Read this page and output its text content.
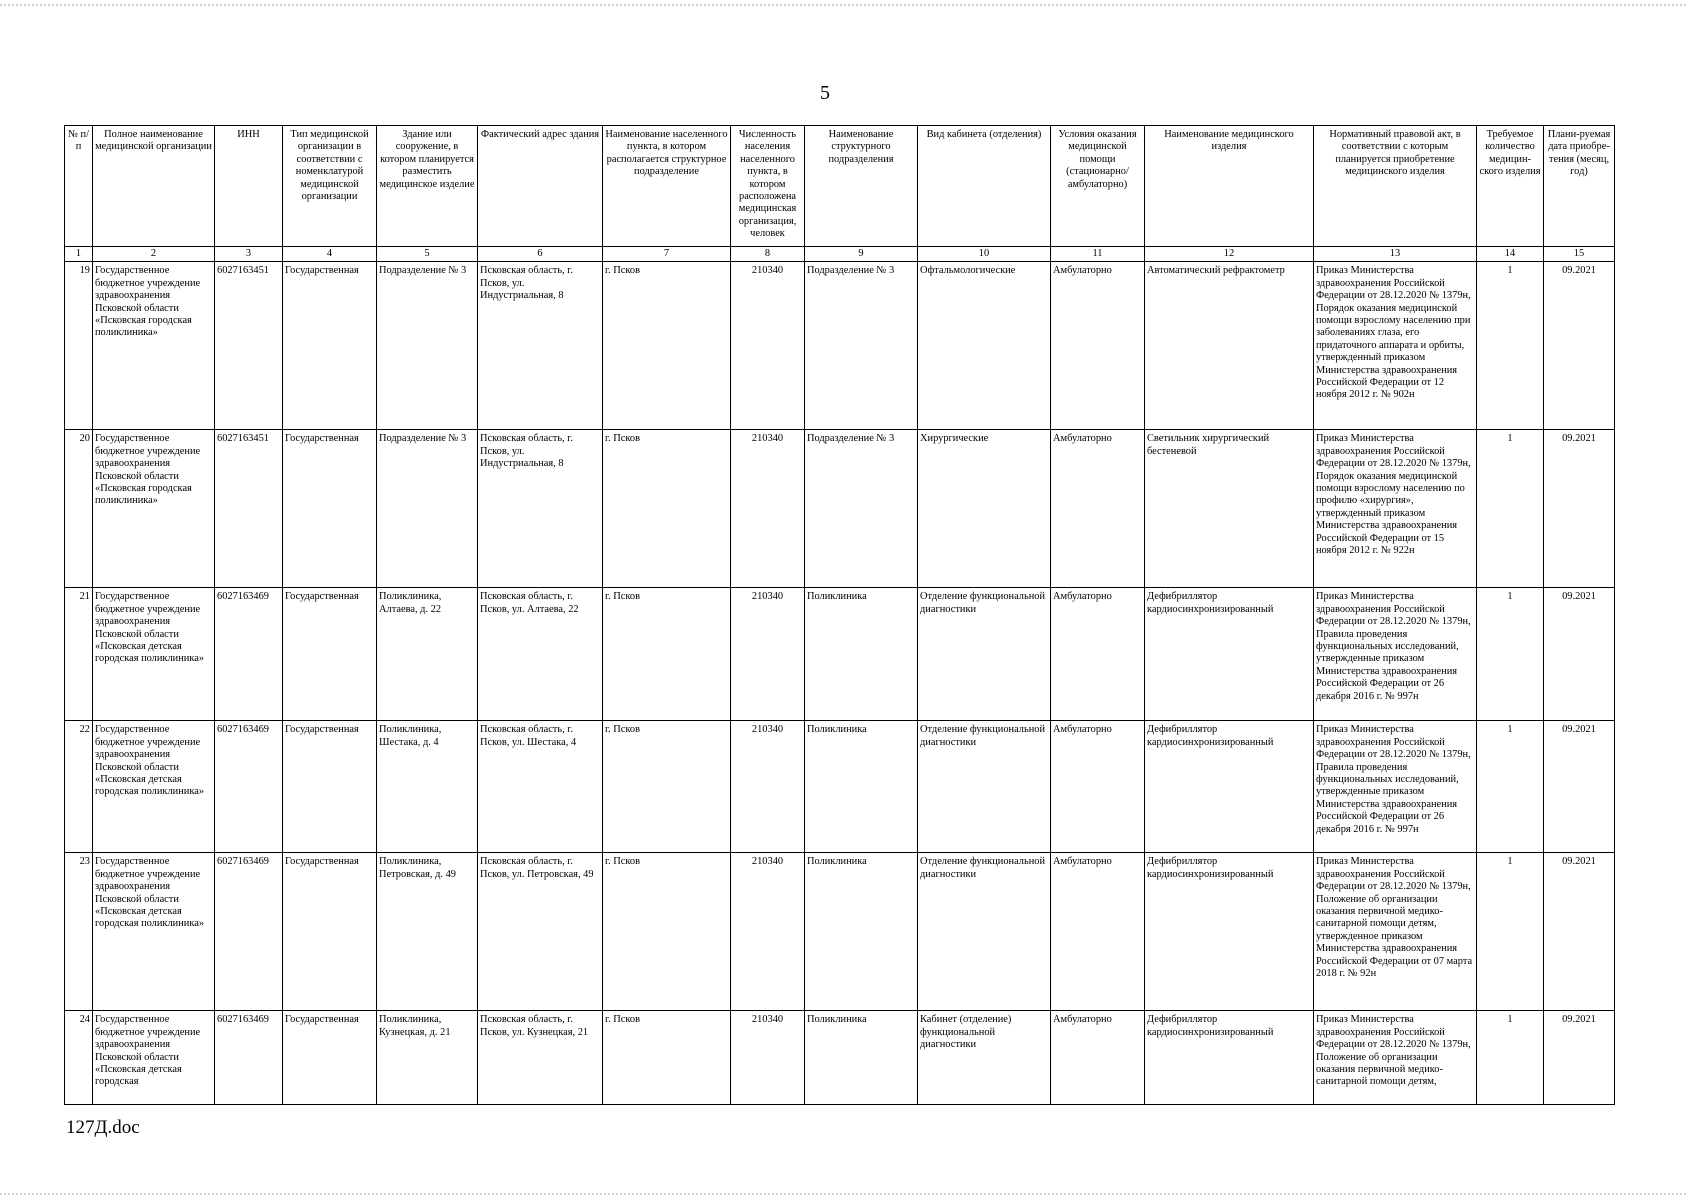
5
№ п/п	Полное наименование медицинской организации	ИНН	Тип медицинской организации в соответствии с номенклатурой медицинской организации	Здание или сооружение, в котором планируется разместить медицинское изделие	Фактический адрес здания	Наименование населенного пункта, в котором располагается структурное подразделение	Численность населения населенного пункта, в котором расположена медицинская организация, человек	Наименование структурного подразделения	Вид кабинета (отделения)	Условия оказания медицинской помощи (стационарно/ амбулаторно)	Наименование медицинского изделия	Нормативный правовой акт, в соответствии с которым планируется приобретение медицинского изделия	Требуемое количество медицин-ского изделия	Плани-руемая дата приобре-тения (месяц, год)
1	2	3	4	5	6	7	8	9	10	11	12	13	14	15
19	Государственное бюджетное учреждение здравоохранения Псковской области «Псковская городская поликлиника»	6027163451	Государственная	Подразделение № 3	Псковская область, г. Псков, ул. Индустриальная, 8	г. Псков	210340	Подразделение № 3	Офтальмологические	Амбулаторно	Автоматический рефрактометр	Приказ Министерства здравоохранения Российской Федерации от 28.12.2020 № 1379н, Порядок оказания медицинской помощи взрослому населению при заболеваниях глаза, его придаточного аппарата и орбиты, утвержденный приказом Министерства здравоохранения Российской Федерации от 12 ноября 2012 г. № 902н	1	09.2021
20	Государственное бюджетное учреждение здравоохранения Псковской области «Псковская городская поликлиника»	6027163451	Государственная	Подразделение № 3	Псковская область, г. Псков, ул. Индустриальная, 8	г. Псков	210340	Подразделение № 3	Хирургические	Амбулаторно	Светильник хирургический бестеневой	Приказ Министерства здравоохранения Российской Федерации от 28.12.2020 № 1379н, Порядок оказания медицинской помощи взрослому населению по профилю «хирургия», утвержденный приказом Министерства здравоохранения Российской Федерации от 15 ноября 2012 г. № 922н	1	09.2021
21	Государственное бюджетное учреждение здравоохранения Псковской области «Псковская детская городская поликлиника»	6027163469	Государственная	Поликлиника, Алтаева, д. 22	Псковская область, г. Псков, ул. Алтаева, 22	г. Псков	210340	Поликлиника	Отделение функциональной диагностики	Амбулаторно	Дефибриллятор кардиосинхронизированный	Приказ Министерства здравоохранения Российской Федерации от 28.12.2020 № 1379н, Правила проведения функциональных исследований, утвержденные приказом Министерства здравоохранения Российской Федерации от 26 декабря 2016 г. № 997н	1	09.2021
22	Государственное бюджетное учреждение здравоохранения Псковской области «Псковская детская городская поликлиника»	6027163469	Государственная	Поликлиника, Шестака, д. 4	Псковская область, г. Псков, ул. Шестака, 4	г. Псков	210340	Поликлиника	Отделение функциональной диагностики	Амбулаторно	Дефибриллятор кардиосинхронизированный	Приказ Министерства здравоохранения Российской Федерации от 28.12.2020 № 1379н, Правила проведения функциональных исследований, утвержденные приказом Министерства здравоохранения Российской Федерации от 26 декабря 2016 г. № 997н	1	09.2021
23	Государственное бюджетное учреждение здравоохранения Псковской области «Псковская детская городская поликлиника»	6027163469	Государственная	Поликлиника, Петровская, д. 49	Псковская область, г. Псков, ул. Петровская, 49	г. Псков	210340	Поликлиника	Отделение функциональной диагностики	Амбулаторно	Дефибриллятор кардиосинхронизированный	Приказ Министерства здравоохранения Российской Федерации от 28.12.2020 № 1379н, Положение об организации оказания первичной медико-санитарной помощи детям, утвержденное приказом Министерства здравоохранения Российской Федерации от 07 марта 2018 г. № 92н	1	09.2021
24	Государственное бюджетное учреждение здравоохранения Псковской области «Псковская детская городская	6027163469	Государственная	Поликлиника, Кузнецкая, д. 21	Псковская область, г. Псков, ул. Кузнецкая, 21	г. Псков	210340	Поликлиника	Кабинет (отделение) функциональной диагностики	Амбулаторно	Дефибриллятор кардиосинхронизированный	Приказ Министерства здравоохранения Российской Федерации от 28.12.2020 № 1379н, Положение об организации оказания первичной медико-санитарной помощи детям,	1	09.2021
127Д.doc
